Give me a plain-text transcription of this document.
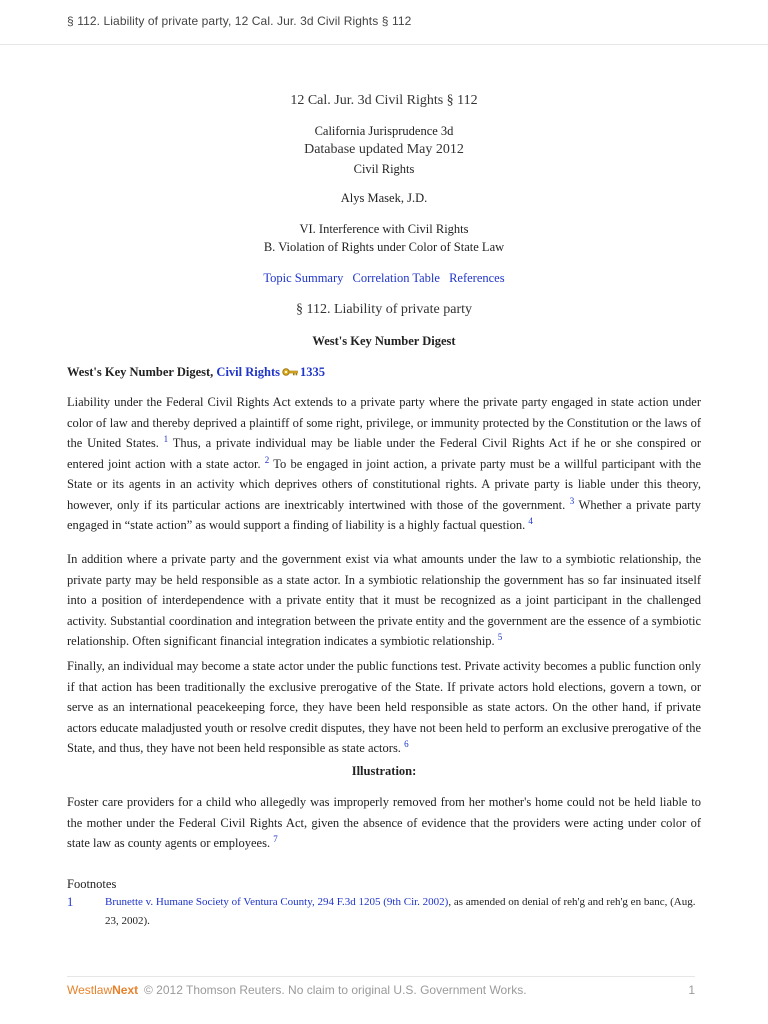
§ 112. Liability of private party, 12 Cal. Jur. 3d Civil Rights § 112
12 Cal. Jur. 3d Civil Rights § 112
California Jurisprudence 3d
Database updated May 2012
Civil Rights
Alys Masek, J.D.
VI. Interference with Civil Rights
B. Violation of Rights under Color of State Law
Topic Summary Correlation Table References
§ 112. Liability of private party
West's Key Number Digest
West's Key Number Digest, Civil Rights 1335
Liability under the Federal Civil Rights Act extends to a private party where the private party engaged in state action under color of law and thereby deprived a plaintiff of some right, privilege, or immunity protected by the Constitution or the laws of the United States. $^1$ Thus, a private individual may be liable under the Federal Civil Rights Act if he or she conspired or entered joint action with a state actor. $^2$ To be engaged in joint action, a private party must be a willful participant with the State or its agents in an activity which deprives others of constitutional rights. A private party is liable under this theory, however, only if its particular actions are inextricably intertwined with those of the government. $^3$ Whether a private party engaged in “state action” as would support a finding of liability is a highly factual question. $^4$
In addition where a private party and the government exist via what amounts under the law to a symbiotic relationship, the private party may be held responsible as a state actor. In a symbiotic relationship the government has so far insinuated itself into a position of interdependence with a private entity that it must be recognized as a joint participant in the challenged activity. Substantial coordination and integration between the private entity and the government are the essence of a symbiotic relationship. Often significant financial integration indicates a symbiotic relationship. $^5$
Finally, an individual may become a state actor under the public functions test. Private activity becomes a public function only if that action has been traditionally the exclusive prerogative of the State. If private actors hold elections, govern a town, or serve as an international peacekeeping force, they have been held responsible as state actors. On the other hand, if private actors educate maladjusted youth or resolve credit disputes, they have not been held to perform an exclusive prerogative of the State, and thus, they have not been held responsible as state actors. $^6$
Illustration:
Foster care providers for a child who allegedly was improperly removed from her mother's home could not be held liable to the mother under the Federal Civil Rights Act, given the absence of evidence that the providers were acting under color of state law as county agents or employees. $^7$
Footnotes
1	Brunette v. Humane Society of Ventura County, 294 F.3d 1205 (9th Cir. 2002), as amended on denial of reh'g and reh'g en banc, (Aug. 23, 2002).
WestlawNext © 2012 Thomson Reuters. No claim to original U.S. Government Works.	1
